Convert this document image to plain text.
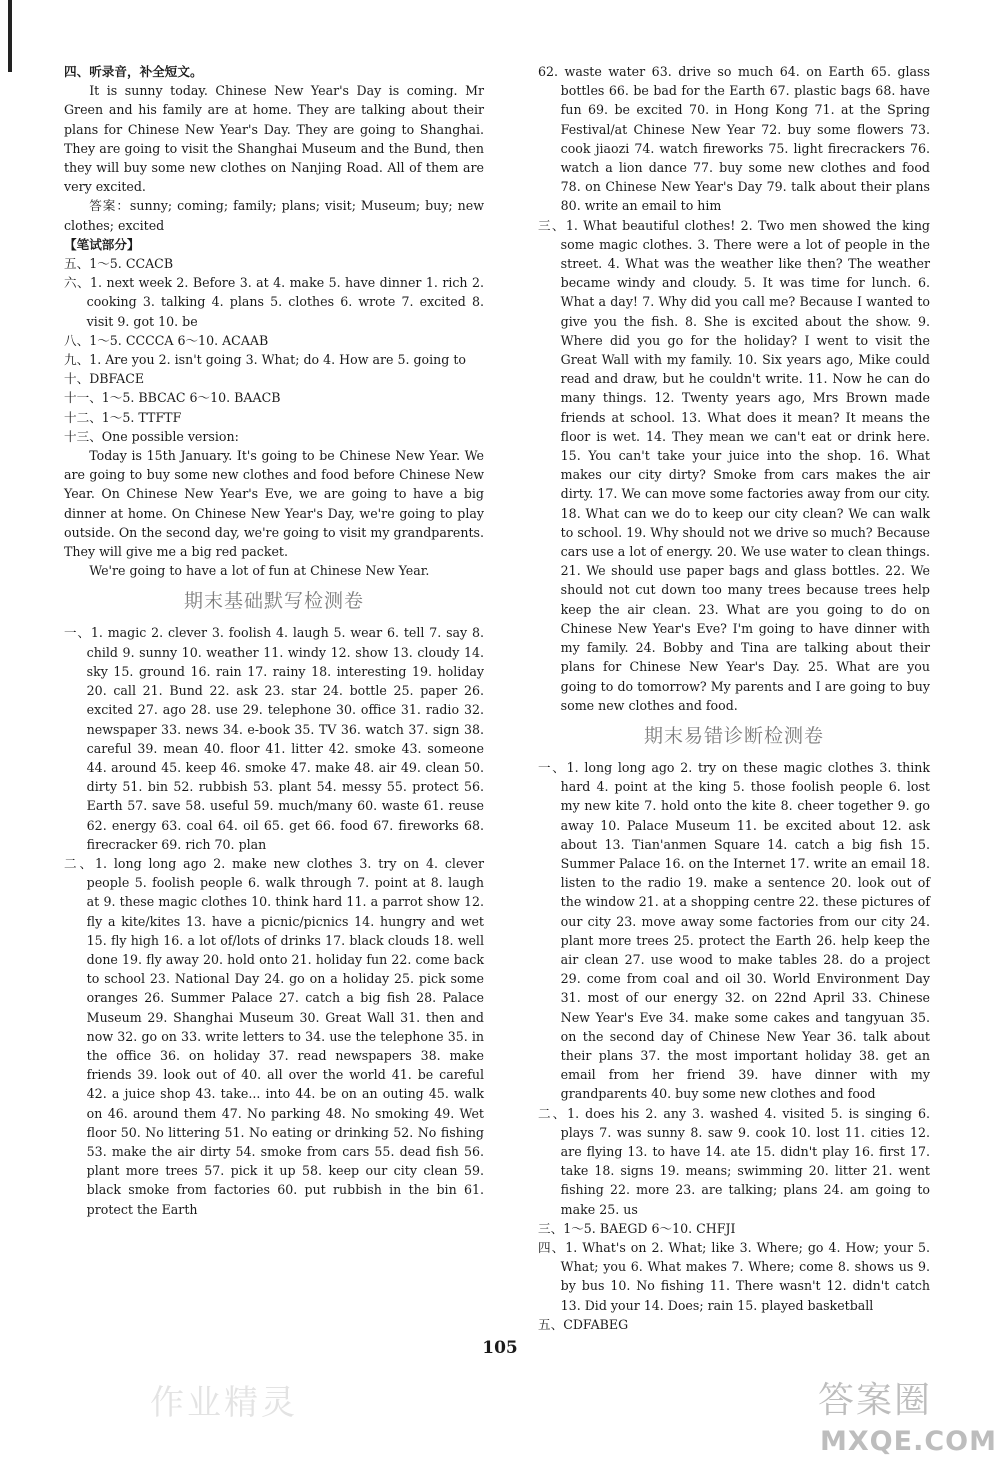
四、听录音，补全短文。

It is sunny today. Chinese New Year's Day is coming. Mr Green and his family are at home. They are talking about their plans for Chinese New Year's Day. They are going to Shanghai. They are going to visit the Shanghai Museum and the Bund, then they will buy some new clothes on Nanjing Road. All of them are very excited.

答案：sunny; coming; family; plans; visit; Museum; buy; new clothes; excited

【笔试部分】

五、1～5. CCACB

六、1. next week 2. Before 3. at 4. make 5. have dinner 1. rich 2. cooking 3. talking 4. plans 5. clothes 6. wrote 7. excited 8. visit 9. got 10. be

八、1～5. CCCCA 6～10. ACAAB

九、1. Are you 2. isn't going 3. What; do 4. How are 5. going to

十、DBFACE

十一、1～5. BBCAC 6～10. BAACB

十二、1～5. TTFTF

十三、One possible version:

Today is 15th January. It's going to be Chinese New Year. We are going to buy some new clothes and food before Chinese New Year. On Chinese New Year's Eve, we are going to have a big dinner at home. On Chinese New Year's Day, we're going to play outside. On the second day, we're going to visit my grandparents. They will give me a big red packet.

We're going to have a lot of fun at Chinese New Year.

期末基础默写检测卷

一、1. magic 2. clever 3. foolish 4. laugh 5. wear 6. tell 7. say 8. child 9. sunny 10. weather 11. windy 12. show 13. cloudy 14. sky 15. ground 16. rain 17. rainy 18. interesting 19. holiday 20. call 21. Bund 22. ask 23. star 24. bottle 25. paper 26. excited 27. ago 28. use 29. telephone 30. office 31. radio 32. newspaper 33. news 34. e-book 35. TV 36. watch 37. sign 38. careful 39. mean 40. floor 41. litter 42. smoke 43. someone 44. around 45. keep 46. smoke 47. make 48. air 49. clean 50. dirty 51. bin 52. rubbish 53. plant 54. messy 55. protect 56. Earth 57. save 58. useful 59. much/many 60. waste 61. reuse 62. energy 63. coal 64. oil 65. get 66. food 67. fireworks 68. firecracker 69. rich 70. plan

二、1. long long ago 2. make new clothes 3. try on 4. clever people 5. foolish people 6. walk through 7. point at 8. laugh at 9. these magic clothes 10. think hard 11. a parrot show 12. fly a kite/kites 13. have a picnic/picnics 14. hungry and wet 15. fly high 16. a lot of/lots of drinks 17. black clouds 18. well done 19. fly away 20. hold onto 21. holiday fun 22. come back to school 23. National Day 24. go on a holiday 25. pick some oranges 26. Summer Palace 27. catch a big fish 28. Palace Museum 29. Shanghai Museum 30. Great Wall 31. then and now 32. go on 33. write letters to 34. use the telephone 35. in the office 36. on holiday 37. read newspapers 38. make friends 39. look out of 40. all over the world 41. be careful 42. a juice shop 43. take... into 44. be on an outing 45. walk on 46. around them 47. No parking 48. No smoking 49. Wet floor 50. No littering 51. No eating or drinking 52. No fishing 53. make the air dirty 54. smoke from cars 55. dead fish 56. plant more trees 57. pick it up 58. keep our city clean 59. black smoke from factories 60. put rubbish in the bin 61. protect the Earth

62. waste water 63. drive so much 64. on Earth 65. glass bottles 66. be bad for the Earth 67. plastic bags 68. have fun 69. be excited 70. in Hong Kong 71. at the Spring Festival/at Chinese New Year 72. buy some flowers 73. cook jiaozi 74. watch fireworks 75. light firecrackers 76. watch a lion dance 77. buy some new clothes and food 78. on Chinese New Year's Day 79. talk about their plans 80. write an email to him

三、1. What beautiful clothes! 2. Two men showed the king some magic clothes. 3. There were a lot of people in the street. 4. What was the weather like then? The weather became windy and cloudy. 5. It was time for lunch. 6. What a day! 7. Why did you call me? Because I wanted to give you the fish. 8. She is excited about the show. 9. Where did you go for the holiday? I went to visit the Great Wall with my family. 10. Six years ago, Mike could read and draw, but he couldn't write. 11. Now he can do many things. 12. Twenty years ago, Mrs Brown made friends at school. 13. What does it mean? It means the floor is wet. 14. They mean we can't eat or drink here. 15. You can't take your juice into the shop. 16. What makes our city dirty? Smoke from cars makes the air dirty. 17. We can move some factories away from our city. 18. What can we do to keep our city clean? We can walk to school. 19. Why should not we drive so much? Because cars use a lot of energy. 20. We use water to clean things. 21. We should use paper bags and glass bottles. 22. We should not cut down too many trees because trees help keep the air clean. 23. What are you going to do on Chinese New Year's Eve? I'm going to have dinner with my family. 24. Bobby and Tina are talking about their plans for Chinese New Year's Day. 25. What are you going to do tomorrow? My parents and I are going to buy some new clothes and food.

期末易错诊断检测卷

一、1. long long ago 2. try on these magic clothes 3. think hard 4. point at the king 5. those foolish people 6. lost my new kite 7. hold onto the kite 8. cheer together 9. go away 10. Palace Museum 11. be excited about 12. ask about 13. Tian'anmen Square 14. catch a big fish 15. Summer Palace 16. on the Internet 17. write an email 18. listen to the radio 19. make a sentence 20. look out of the window 21. at a shopping centre 22. these pictures of our city 23. move away some factories from our city 24. plant more trees 25. protect the Earth 26. help keep the air clean 27. use wood to make tables 28. do a project 29. come from coal and oil 30. World Environment Day 31. most of our energy 32. on 22nd April 33. Chinese New Year's Eve 34. make some cakes and tangyuan 35. on the second day of Chinese New Year 36. talk about their plans 37. the most important holiday 38. get an email from her friend 39. have dinner with my grandparents 40. buy some new clothes and food

二、1. does his 2. any 3. washed 4. visited 5. is singing 6. plays 7. was sunny 8. saw 9. cook 10. lost 11. cities 12. are flying 13. to have 14. ate 15. didn't play 16. first 17. take 18. signs 19. means; swimming 20. litter 21. went fishing 22. more 23. are talking; plans 24. am going to make 25. us

三、1～5. BAEGD 6～10. CHFJI

四、1. What's on 2. What; like 3. Where; go 4. How; your 5. What; you 6. What makes 7. Where; come 8. shows us 9. by bus 10. No fishing 11. There wasn't 12. didn't catch 13. Did your 14. Does; rain 15. played basketball

五、CDFABEG

105
作业精灵	答案圈
MXQE.COM
